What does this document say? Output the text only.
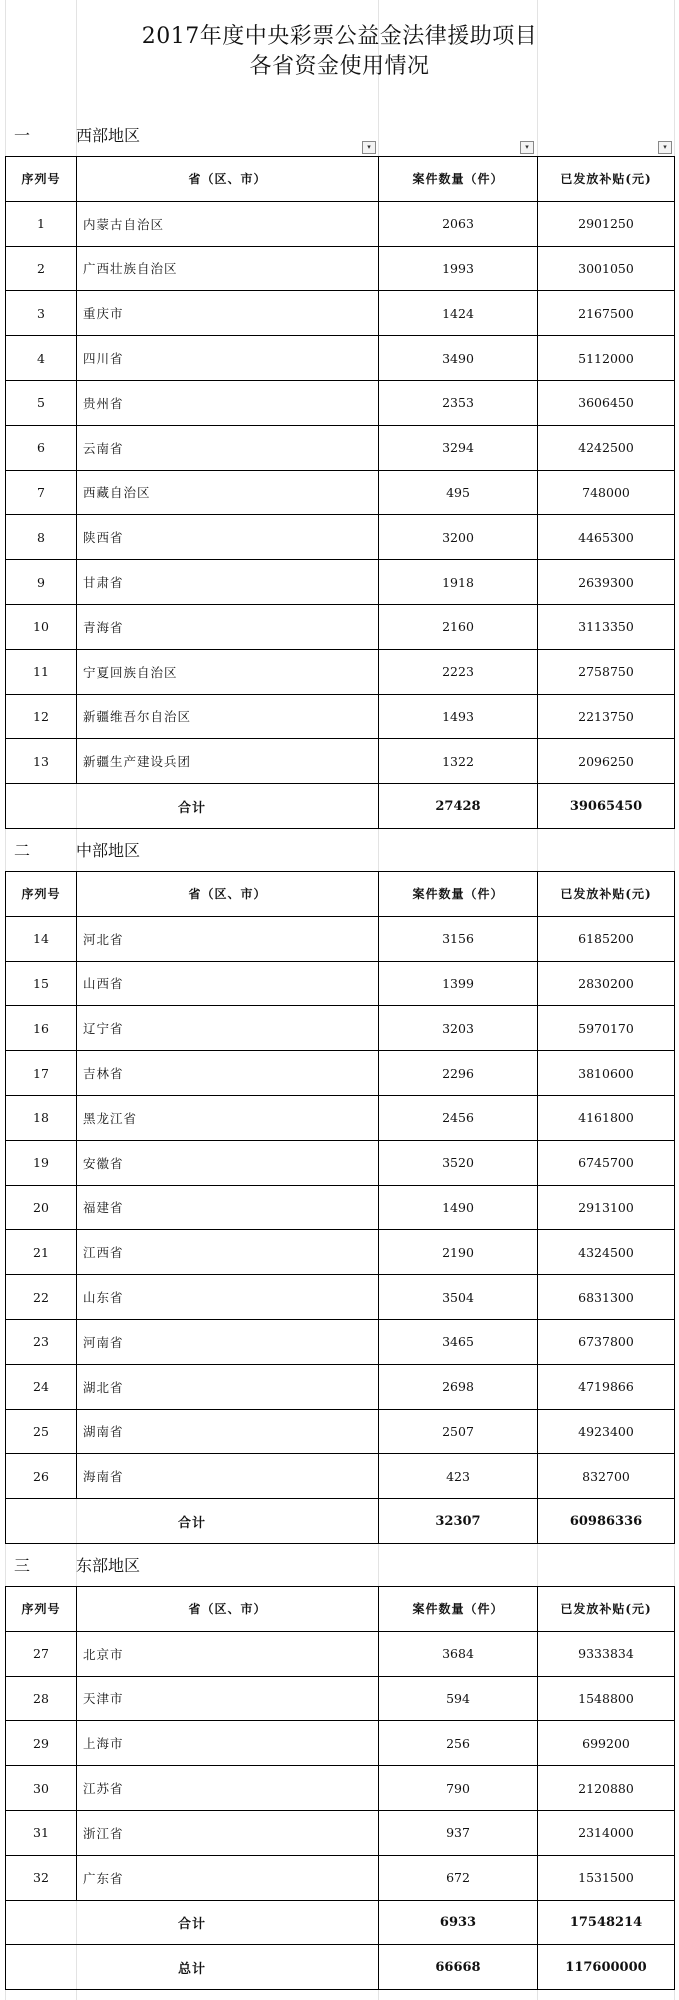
2017年度中央彩票公益金法律援助项目
各省资金使用情况
一	西部地区
▾	▾	▾
序列号	省（区、市）	案件数量（件）	已发放补贴(元)
1	内蒙古自治区	2063	2901250
2	广西壮族自治区	1993	3001050
3	重庆市	1424	2167500
4	四川省	3490	5112000
5	贵州省	2353	3606450
6	云南省	3294	4242500
7	西藏自治区	495	748000
8	陕西省	3200	4465300
9	甘肃省	1918	2639300
10	青海省	2160	3113350
11	宁夏回族自治区	2223	2758750
12	新疆维吾尔自治区	1493	2213750
13	新疆生产建设兵团	1322	2096250
合计		27428	39065450
二	中部地区
序列号	省（区、市）	案件数量（件）	已发放补贴(元)
14	河北省	3156	6185200
15	山西省	1399	2830200
16	辽宁省	3203	5970170
17	吉林省	2296	3810600
18	黑龙江省	2456	4161800
19	安徽省	3520	6745700
20	福建省	1490	2913100
21	江西省	2190	4324500
22	山东省	3504	6831300
23	河南省	3465	6737800
24	湖北省	2698	4719866
25	湖南省	2507	4923400
26	海南省	423	832700
合计		32307	60986336
三	东部地区
序列号	省（区、市）	案件数量（件）	已发放补贴(元)
27	北京市	3684	9333834
28	天津市	594	1548800
29	上海市	256	699200
30	江苏省	790	2120880
31	浙江省	937	2314000
32	广东省	672	1531500
合计		6933	17548214
总计		66668	117600000
